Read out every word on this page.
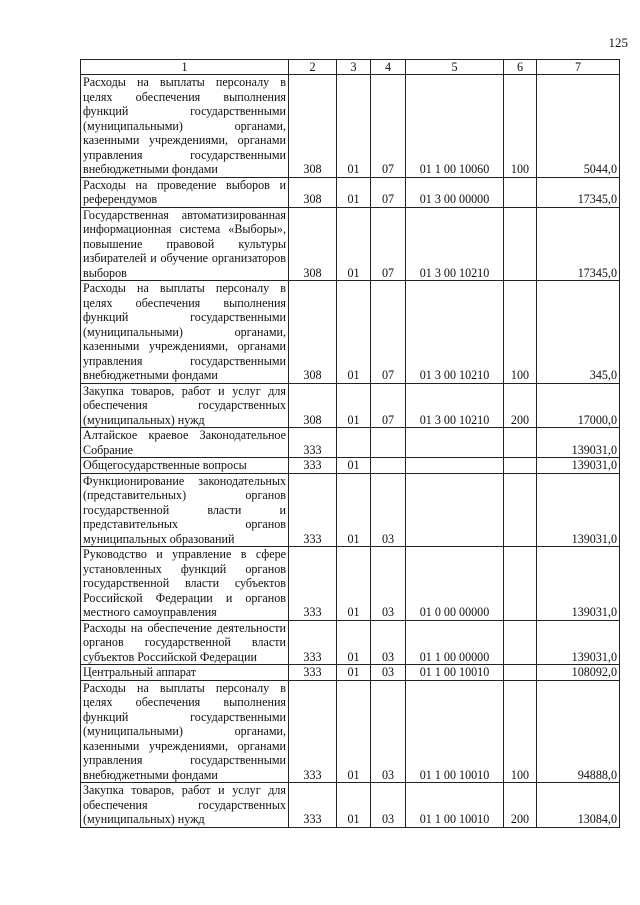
125
1	2	3	4	5	6	7
Расходы на выплаты персоналу в целях обеспечения выполнения функций государственными (муниципальными) органами, казенными учреждениями, органами управления государственными внебюджетными фондами	308	01	07	01 1 00 10060	100	5044,0
Расходы на проведение выборов и референдумов	308	01	07	01 3 00 00000		17345,0
Государственная автоматизированная информационная система «Выборы», повышение правовой культуры избирателей и обучение организаторов выборов	308	01	07	01 3 00 10210		17345,0
Расходы на выплаты персоналу в целях обеспечения выполнения функций государственными (муниципальными) органами, казенными учреждениями, органами управления государственными внебюджетными фондами	308	01	07	01 3 00 10210	100	345,0
Закупка товаров, работ и услуг для обеспечения государственных (муниципальных) нужд	308	01	07	01 3 00 10210	200	17000,0
Алтайское краевое Законодательное Собрание	333					139031,0
Общегосударственные вопросы	333	01				139031,0
Функционирование законодательных (представительных) органов государственной власти и представительных органов муниципальных образований	333	01	03			139031,0
Руководство и управление в сфере установленных функций органов государственной власти субъектов Российской Федерации и органов местного самоуправления	333	01	03	01 0 00 00000		139031,0
Расходы на обеспечение деятельности органов государственной власти субъектов Российской Федерации	333	01	03	01 1 00 00000		139031,0
Центральный аппарат	333	01	03	01 1 00 10010		108092,0
Расходы на выплаты персоналу в целях обеспечения выполнения функций государственными (муниципальными) органами, казенными учреждениями, органами управления государственными внебюджетными фондами	333	01	03	01 1 00 10010	100	94888,0
Закупка товаров, работ и услуг для обеспечения государственных (муниципальных) нужд	333	01	03	01 1 00 10010	200	13084,0
